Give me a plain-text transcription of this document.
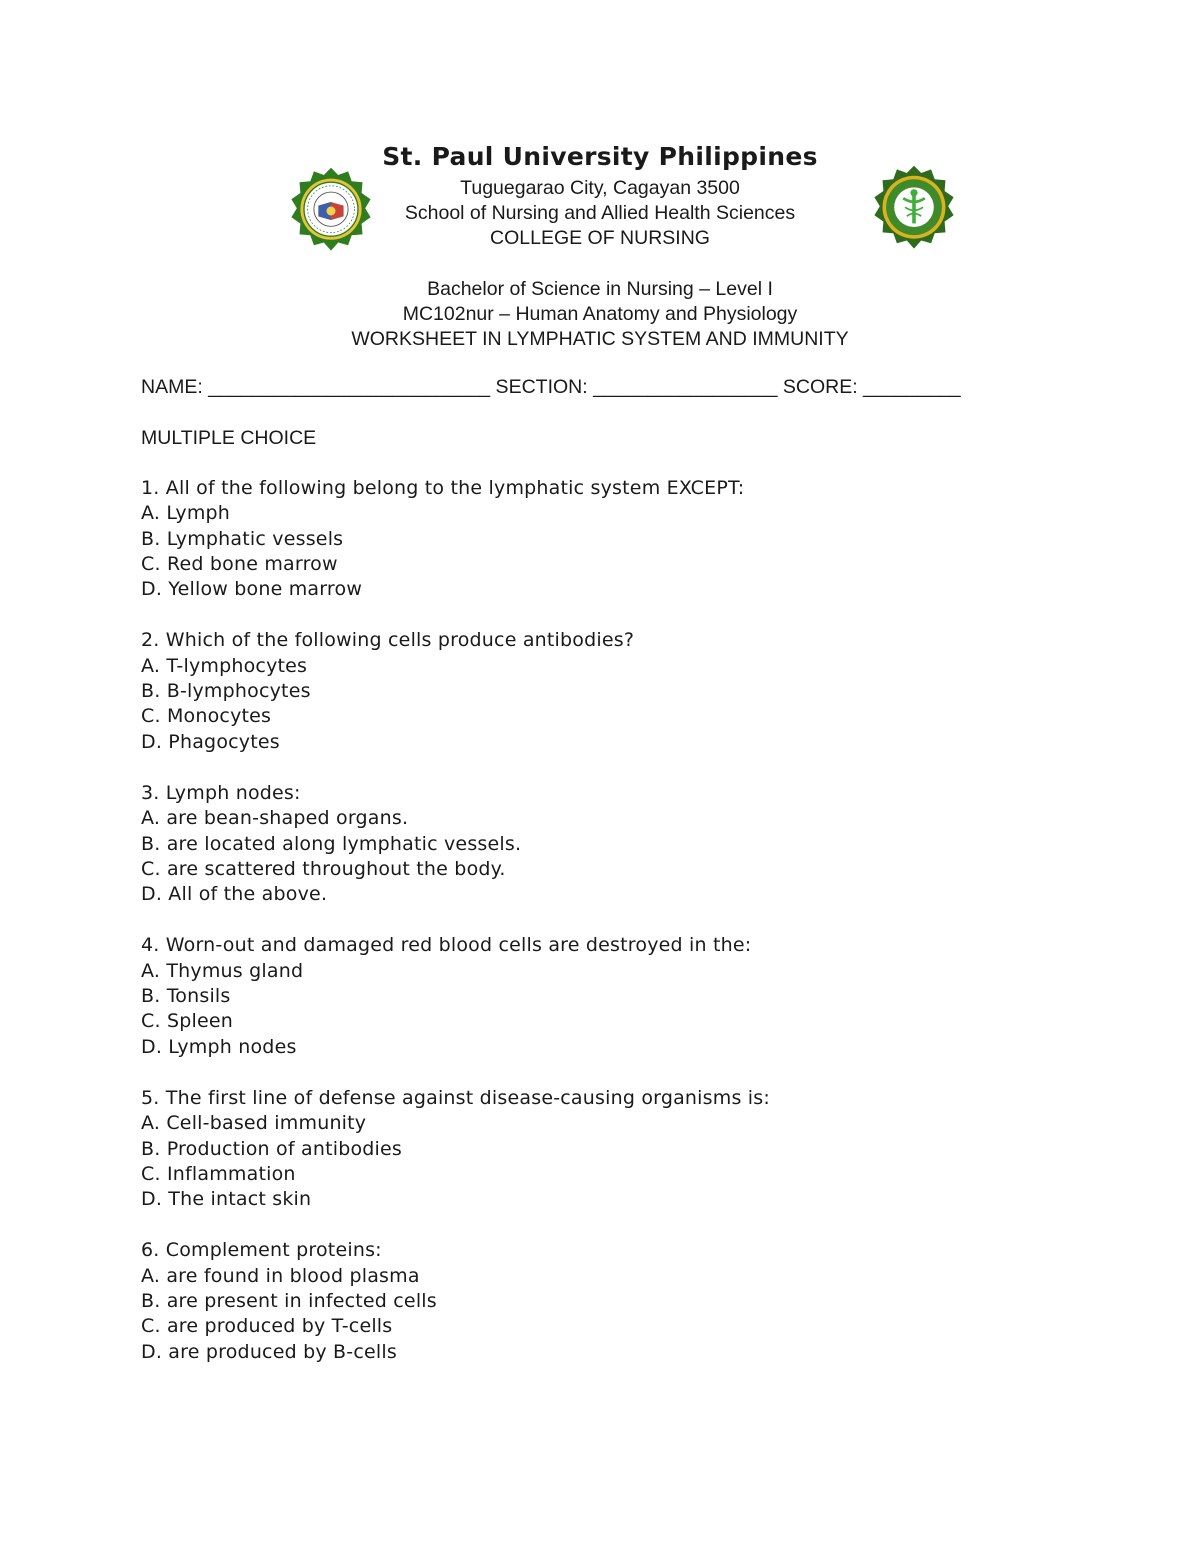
St. Paul University Philippines
Tuguegarao City, Cagayan 3500
School of Nursing and Allied Health Sciences
COLLEGE OF NURSING
Bachelor of Science in Nursing – Level I
MC102nur – Human Anatomy and Physiology
WORKSHEET IN LYMPHATIC SYSTEM AND IMMUNITY
NAME: __________________________ SECTION: _________________ SCORE: _________
MULTIPLE CHOICE
1. All of the following belong to the lymphatic system EXCEPT:
A. Lymph
B. Lymphatic vessels
C. Red bone marrow
D. Yellow bone marrow
2. Which of the following cells produce antibodies?
A. T-lymphocytes
B. B-lymphocytes
C. Monocytes
D. Phagocytes
3. Lymph nodes:
A. are bean-shaped organs.
B. are located along lymphatic vessels.
C. are scattered throughout the body.
D. All of the above.
4. Worn-out and damaged red blood cells are destroyed in the:
A. Thymus gland
B. Tonsils
C. Spleen
D. Lymph nodes
5. The first line of defense against disease-causing organisms is:
A. Cell-based immunity
B. Production of antibodies
C. Inflammation
D. The intact skin
6. Complement proteins:
A. are found in blood plasma
B. are present in infected cells
C. are produced by T-cells
D. are produced by B-cells
